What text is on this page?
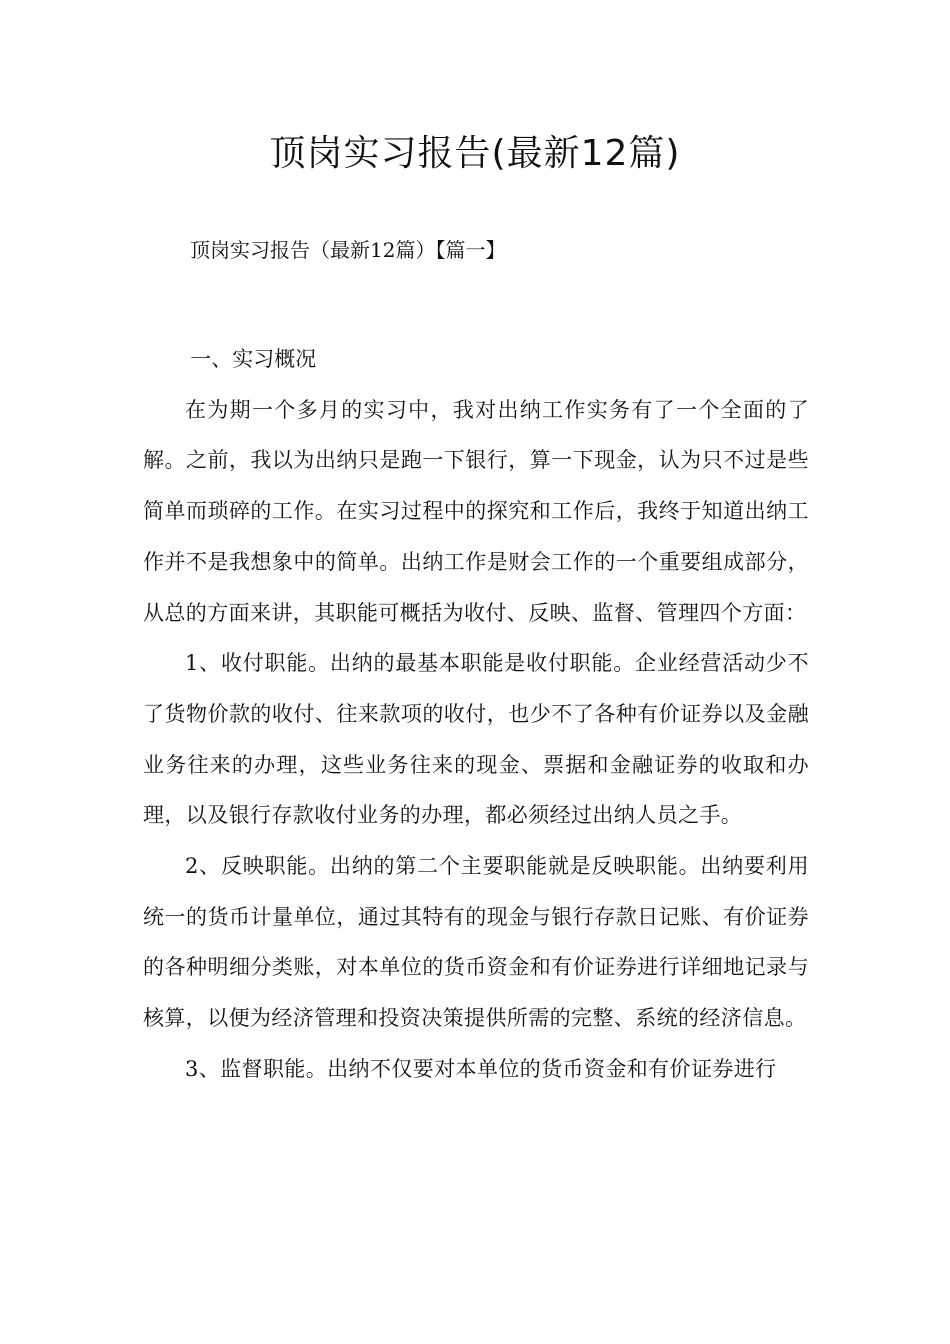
顶岗实习报告(最新12篇)

顶岗实习报告（最新12篇）【篇一】

一、实习概况

在为期一个多月的实习中，我对出纳工作实务有了一个全面的了解。之前，我以为出纳只是跑一下银行，算一下现金，认为只不过是些简单而琐碎的工作。在实习过程中的探究和工作后，我终于知道出纳工作并不是我想象中的简单。出纳工作是财会工作的一个重要组成部分，从总的方面来讲，其职能可概括为收付、反映、监督、管理四个方面：

1、收付职能。出纳的最基本职能是收付职能。企业经营活动少不了货物价款的收付、往来款项的收付，也少不了各种有价证券以及金融业务往来的办理，这些业务往来的现金、票据和金融证券的收取和办理，以及银行存款收付业务的办理，都必须经过出纳人员之手。

2、反映职能。出纳的第二个主要职能就是反映职能。出纳要利用统一的货币计量单位，通过其特有的现金与银行存款日记账、有价证券的各种明细分类账，对本单位的货币资金和有价证券进行详细地记录与核算，以便为经济管理和投资决策提供所需的完整、系统的经济信息。

3、监督职能。出纳不仅要对本单位的货币资金和有价证券进行
